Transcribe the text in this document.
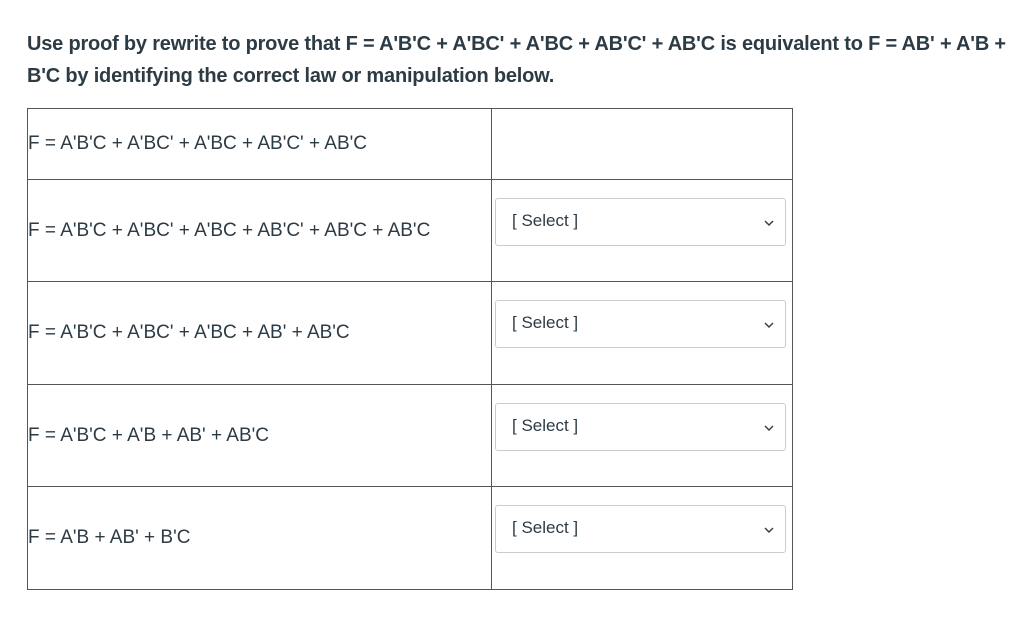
Use proof by rewrite to prove that F = A'B'C + A'BC' + A'BC + AB'C' + AB'C is equivalent to F = AB' + A'B + B'C by identifying the correct law or manipulation below.
F = A'B'C + A'BC' + A'BC + AB'C' + AB'C	
F = A'B'C + A'BC' + A'BC + AB'C' + AB'C + AB'C	[ Select ]

F = A'B'C + A'BC' + A'BC + AB' + AB'C	[ Select ]

F = A'B'C + A'B + AB' + AB'C	[ Select ]

F = A'B + AB' + B'C	[ Select ]
